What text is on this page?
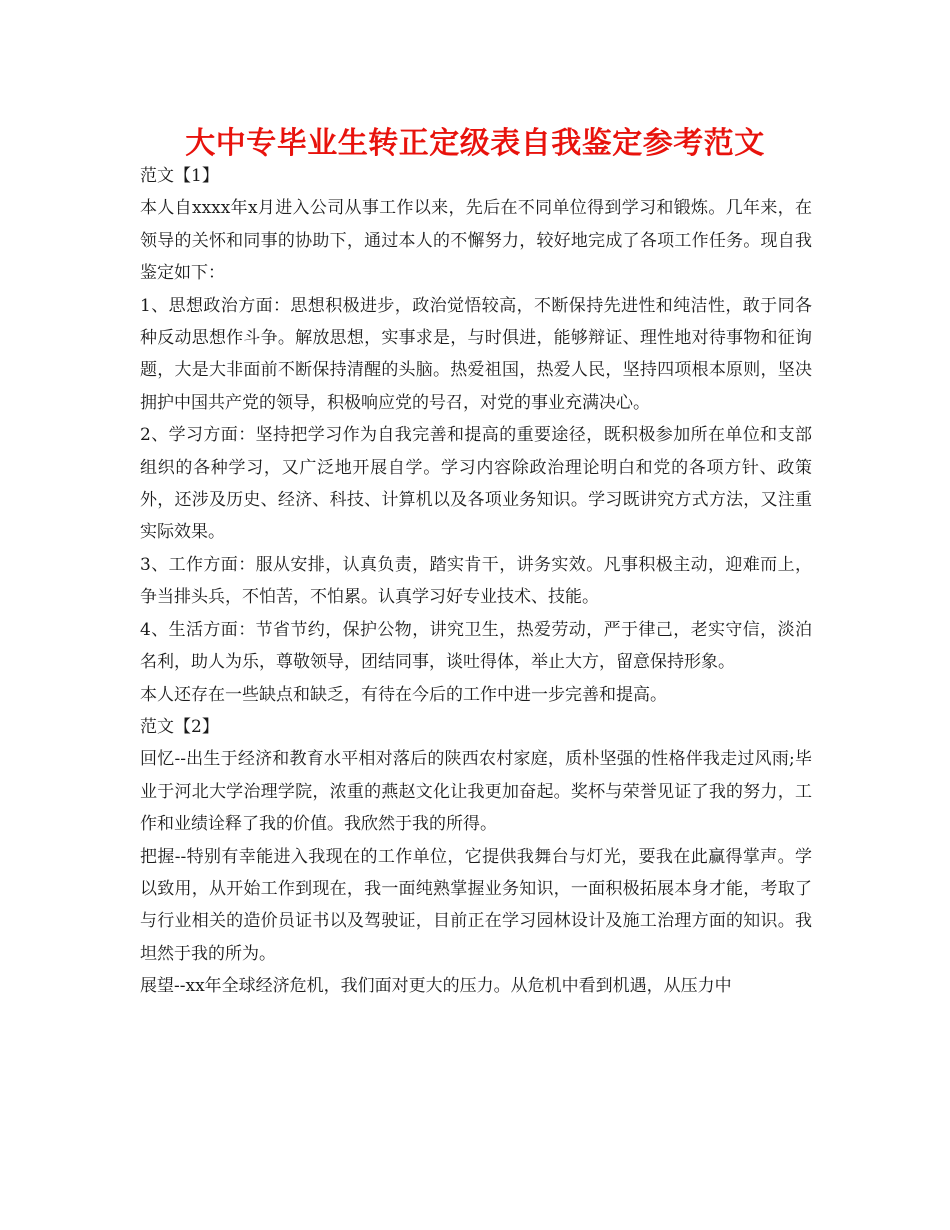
大中专毕业生转正定级表自我鉴定参考范文

范文【1】

本人自xxxx年x月进入公司从事工作以来，先后在不同单位得到学习和锻炼。几年来，在领导的关怀和同事的协助下，通过本人的不懈努力，较好地完成了各项工作任务。现自我鉴定如下：

1、思想政治方面：思想积极进步，政治觉悟较高，不断保持先进性和纯洁性，敢于同各种反动思想作斗争。解放思想，实事求是，与时俱进，能够辩证、理性地对待事物和征询题，大是大非面前不断保持清醒的头脑。热爱祖国，热爱人民，坚持四项根本原则，坚决拥护中国共产党的领导，积极响应党的号召，对党的事业充满决心。

2、学习方面：坚持把学习作为自我完善和提高的重要途径，既积极参加所在单位和支部组织的各种学习，又广泛地开展自学。学习内容除政治理论明白和党的各项方针、政策外，还涉及历史、经济、科技、计算机以及各项业务知识。学习既讲究方式方法，又注重实际效果。

3、工作方面：服从安排，认真负责，踏实肯干，讲务实效。凡事积极主动，迎难而上，争当排头兵，不怕苦，不怕累。认真学习好专业技术、技能。

4、生活方面：节省节约，保护公物，讲究卫生，热爱劳动，严于律己，老实守信，淡泊名利，助人为乐，尊敬领导，团结同事，谈吐得体，举止大方，留意保持形象。

本人还存在一些缺点和缺乏，有待在今后的工作中进一步完善和提高。

范文【2】

回忆--出生于经济和教育水平相对落后的陕西农村家庭，质朴坚强的性格伴我走过风雨;毕业于河北大学治理学院，浓重的燕赵文化让我更加奋起。奖杯与荣誉见证了我的努力，工作和业绩诠释了我的价值。我欣然于我的所得。

把握--特别有幸能进入我现在的工作单位，它提供我舞台与灯光，要我在此赢得掌声。学以致用，从开始工作到现在，我一面纯熟掌握业务知识，一面积极拓展本身才能，考取了与行业相关的造价员证书以及驾驶证，目前正在学习园林设计及施工治理方面的知识。我坦然于我的所为。

展望--xx年全球经济危机，我们面对更大的压力。从危机中看到机遇，从压力中
